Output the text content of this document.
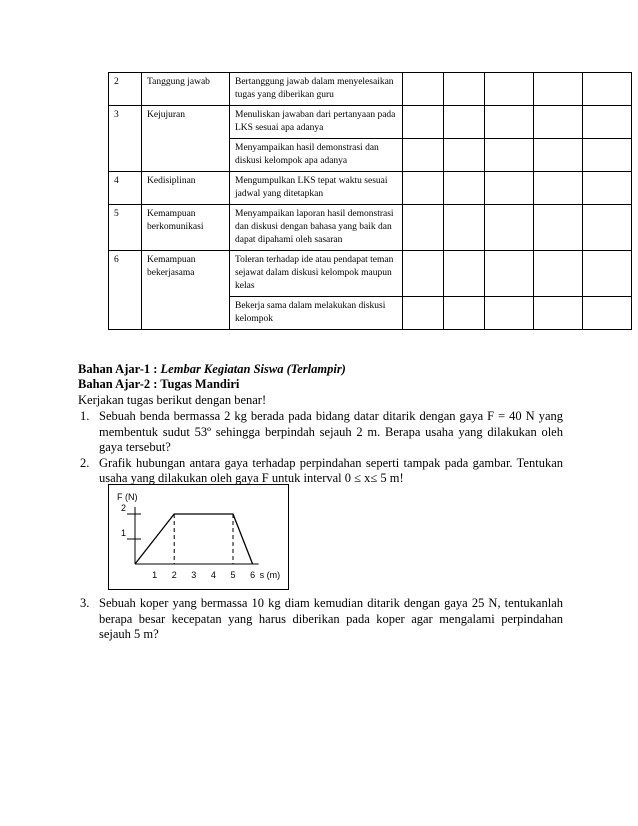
2	Tanggung jawab	Bertanggung jawab dalam menyelesaikan tugas yang diberikan guru					
3	Kejujuran	Menuliskan jawaban dari pertanyaan pada LKS sesuai apa adanya					
		Menyampaikan hasil demonstrasi dan diskusi kelompok apa adanya					
4	Kedisiplinan	Mengumpulkan LKS tepat waktu sesuai jadwal yang ditetapkan					
5	Kemampuan berkomunikasi	Menyampaikan laporan hasil demonstrasi dan diskusi dengan bahasa yang baik dan dapat dipahami oleh sasaran					
6	Kemampuan bekerjasama	Toleran terhadap ide atau pendapat teman sejawat dalam diskusi kelompok maupun kelas					
		Bekerja sama dalam melakukan diskusi kelompok					
Bahan Ajar-1 : Lembar Kegiatan Siswa (Terlampir)
Bahan Ajar-2 : Tugas Mandiri
Kerjakan tugas berikut dengan benar!
1. Sebuah benda bermassa 2 kg berada pada bidang datar ditarik dengan gaya F = 40 N yang membentuk sudut 53º sehingga berpindah sejauh 2 m. Berapa usaha yang dilakukan oleh gaya tersebut?
2. Grafik hubungan antara gaya terhadap perpindahan seperti tampak pada gambar. Tentukan usaha yang dilakukan oleh gaya F untuk interval 0 ≤ x≤ 5 m!
1
2
1 2 3 4 5 6
F (N)
s (m)
3. Sebuah koper yang bermassa 10 kg diam kemudian ditarik dengan gaya 25 N, tentukanlah berapa besar kecepatan yang harus diberikan pada koper agar mengalami perpindahan sejauh 5 m?
